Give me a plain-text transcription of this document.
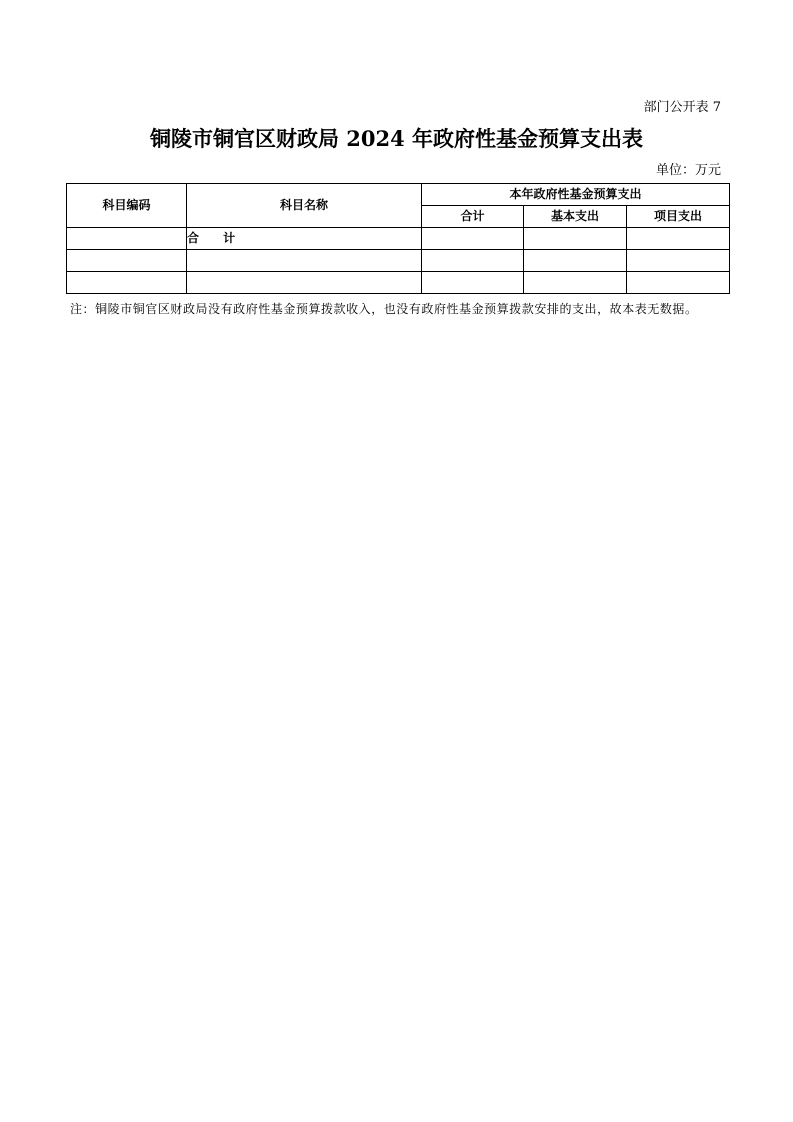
部门公开表 7
铜陵市铜官区财政局 2024 年政府性基金预算支出表
单位：万元
科目编码	科目名称	本年政府性基金预算支出		
		合计	基本支出	项目支出
	合 计			

注：铜陵市铜官区财政局没有政府性基金预算拨款收入，也没有政府性基金预算拨款安排的支出，故本表无数据。
